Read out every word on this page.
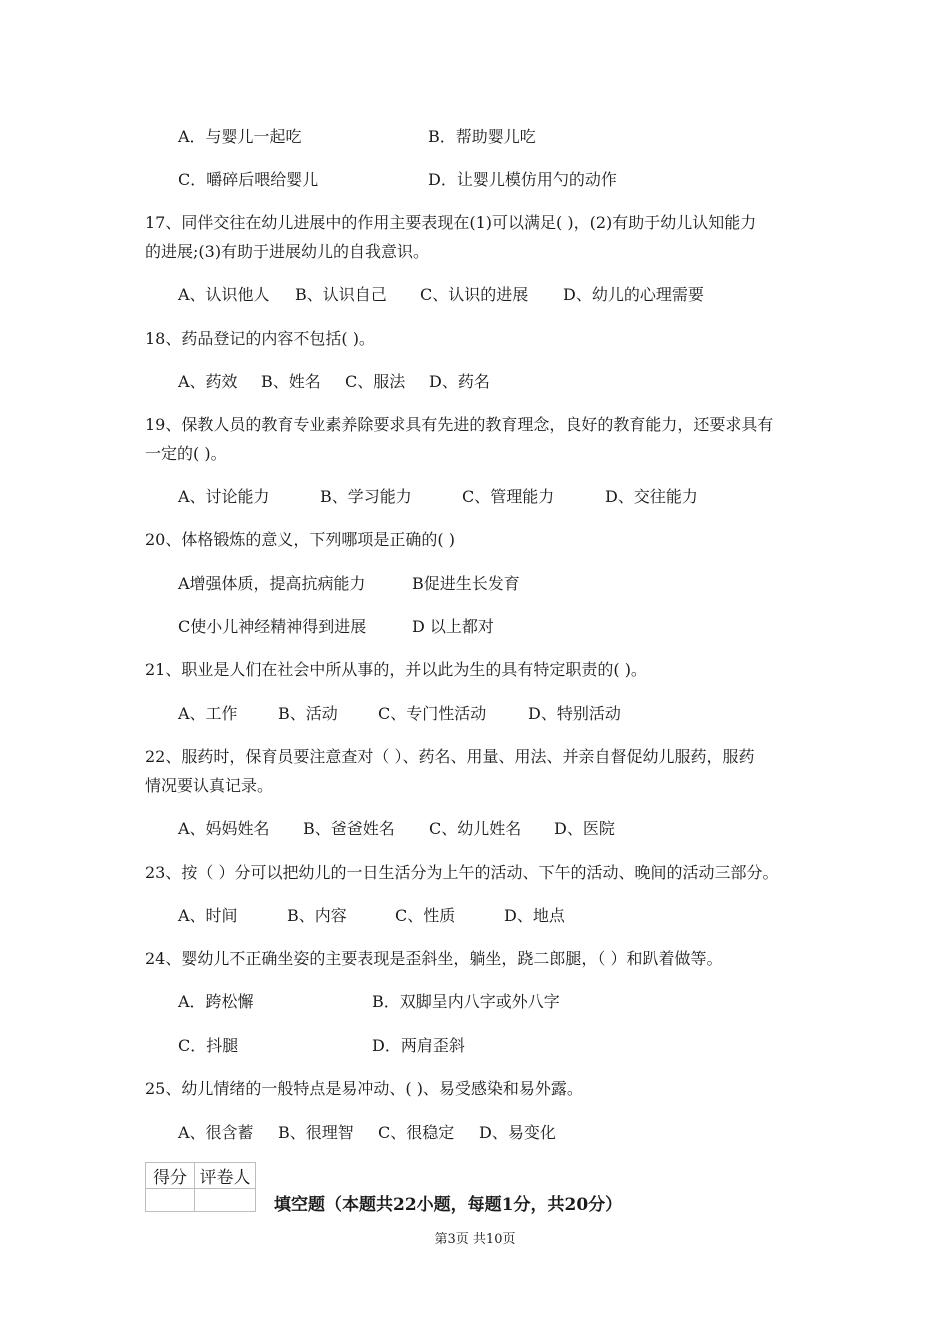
A．与婴儿一起吃	B．帮助婴儿吃
C．嚼碎后喂给婴儿	D．让婴儿模仿用勺的动作

17、同伴交往在幼儿进展中的作用主要表现在(1)可以满足( )，(2)有助于幼儿认知能力

的进展;(3)有助于进展幼儿的自我意识。

A、认识他人 B、认识自己 C、认识的进展 D、幼儿的心理需要

18、药品登记的内容不包括( )。

A、药效 B、姓名 C、服法 D、药名

19、保教人员的教育专业素养除要求具有先进的教育理念，良好的教育能力，还要求具有

一定的( )。

A、讨论能力	B、学习能力	C、管理能力	D、交往能力

20、体格锻炼的意义，下列哪项是正确的( )

A增强体质，提高抗病能力	B促进生长发育
C使小儿神经精神得到进展	D 以上都对

21、职业是人们在社会中所从事的，并以此为生的具有特定职责的( )。

A、工作	B、活动	C、专门性活动	D、特别活动

22、服药时，保育员要注意查对（ ）、药名、用量、用法、并亲自督促幼儿服药，服药

情况要认真记录。

A、妈妈姓名 B、爸爸姓名 C、幼儿姓名 D、医院

23、按（ ）分可以把幼儿的一日生活分为上午的活动、下午的活动、晚间的活动三部分。

A、时间	B、内容	C、性质	D、地点

24、婴幼儿不正确坐姿的主要表现是歪斜坐，躺坐，跷二郎腿，（ ）和趴着做等。

A．跨松懈	B．双脚呈内八字或外八字
C．抖腿	D．两肩歪斜

25、幼儿情绪的一般特点是易冲动、( )、易受感染和易外露。

A、很含蓄 B、很理智 C、很稳定 D、易变化
得分	评卷人

填空题（本题共22小题，每题1分，共20分）

第3页 共10页
